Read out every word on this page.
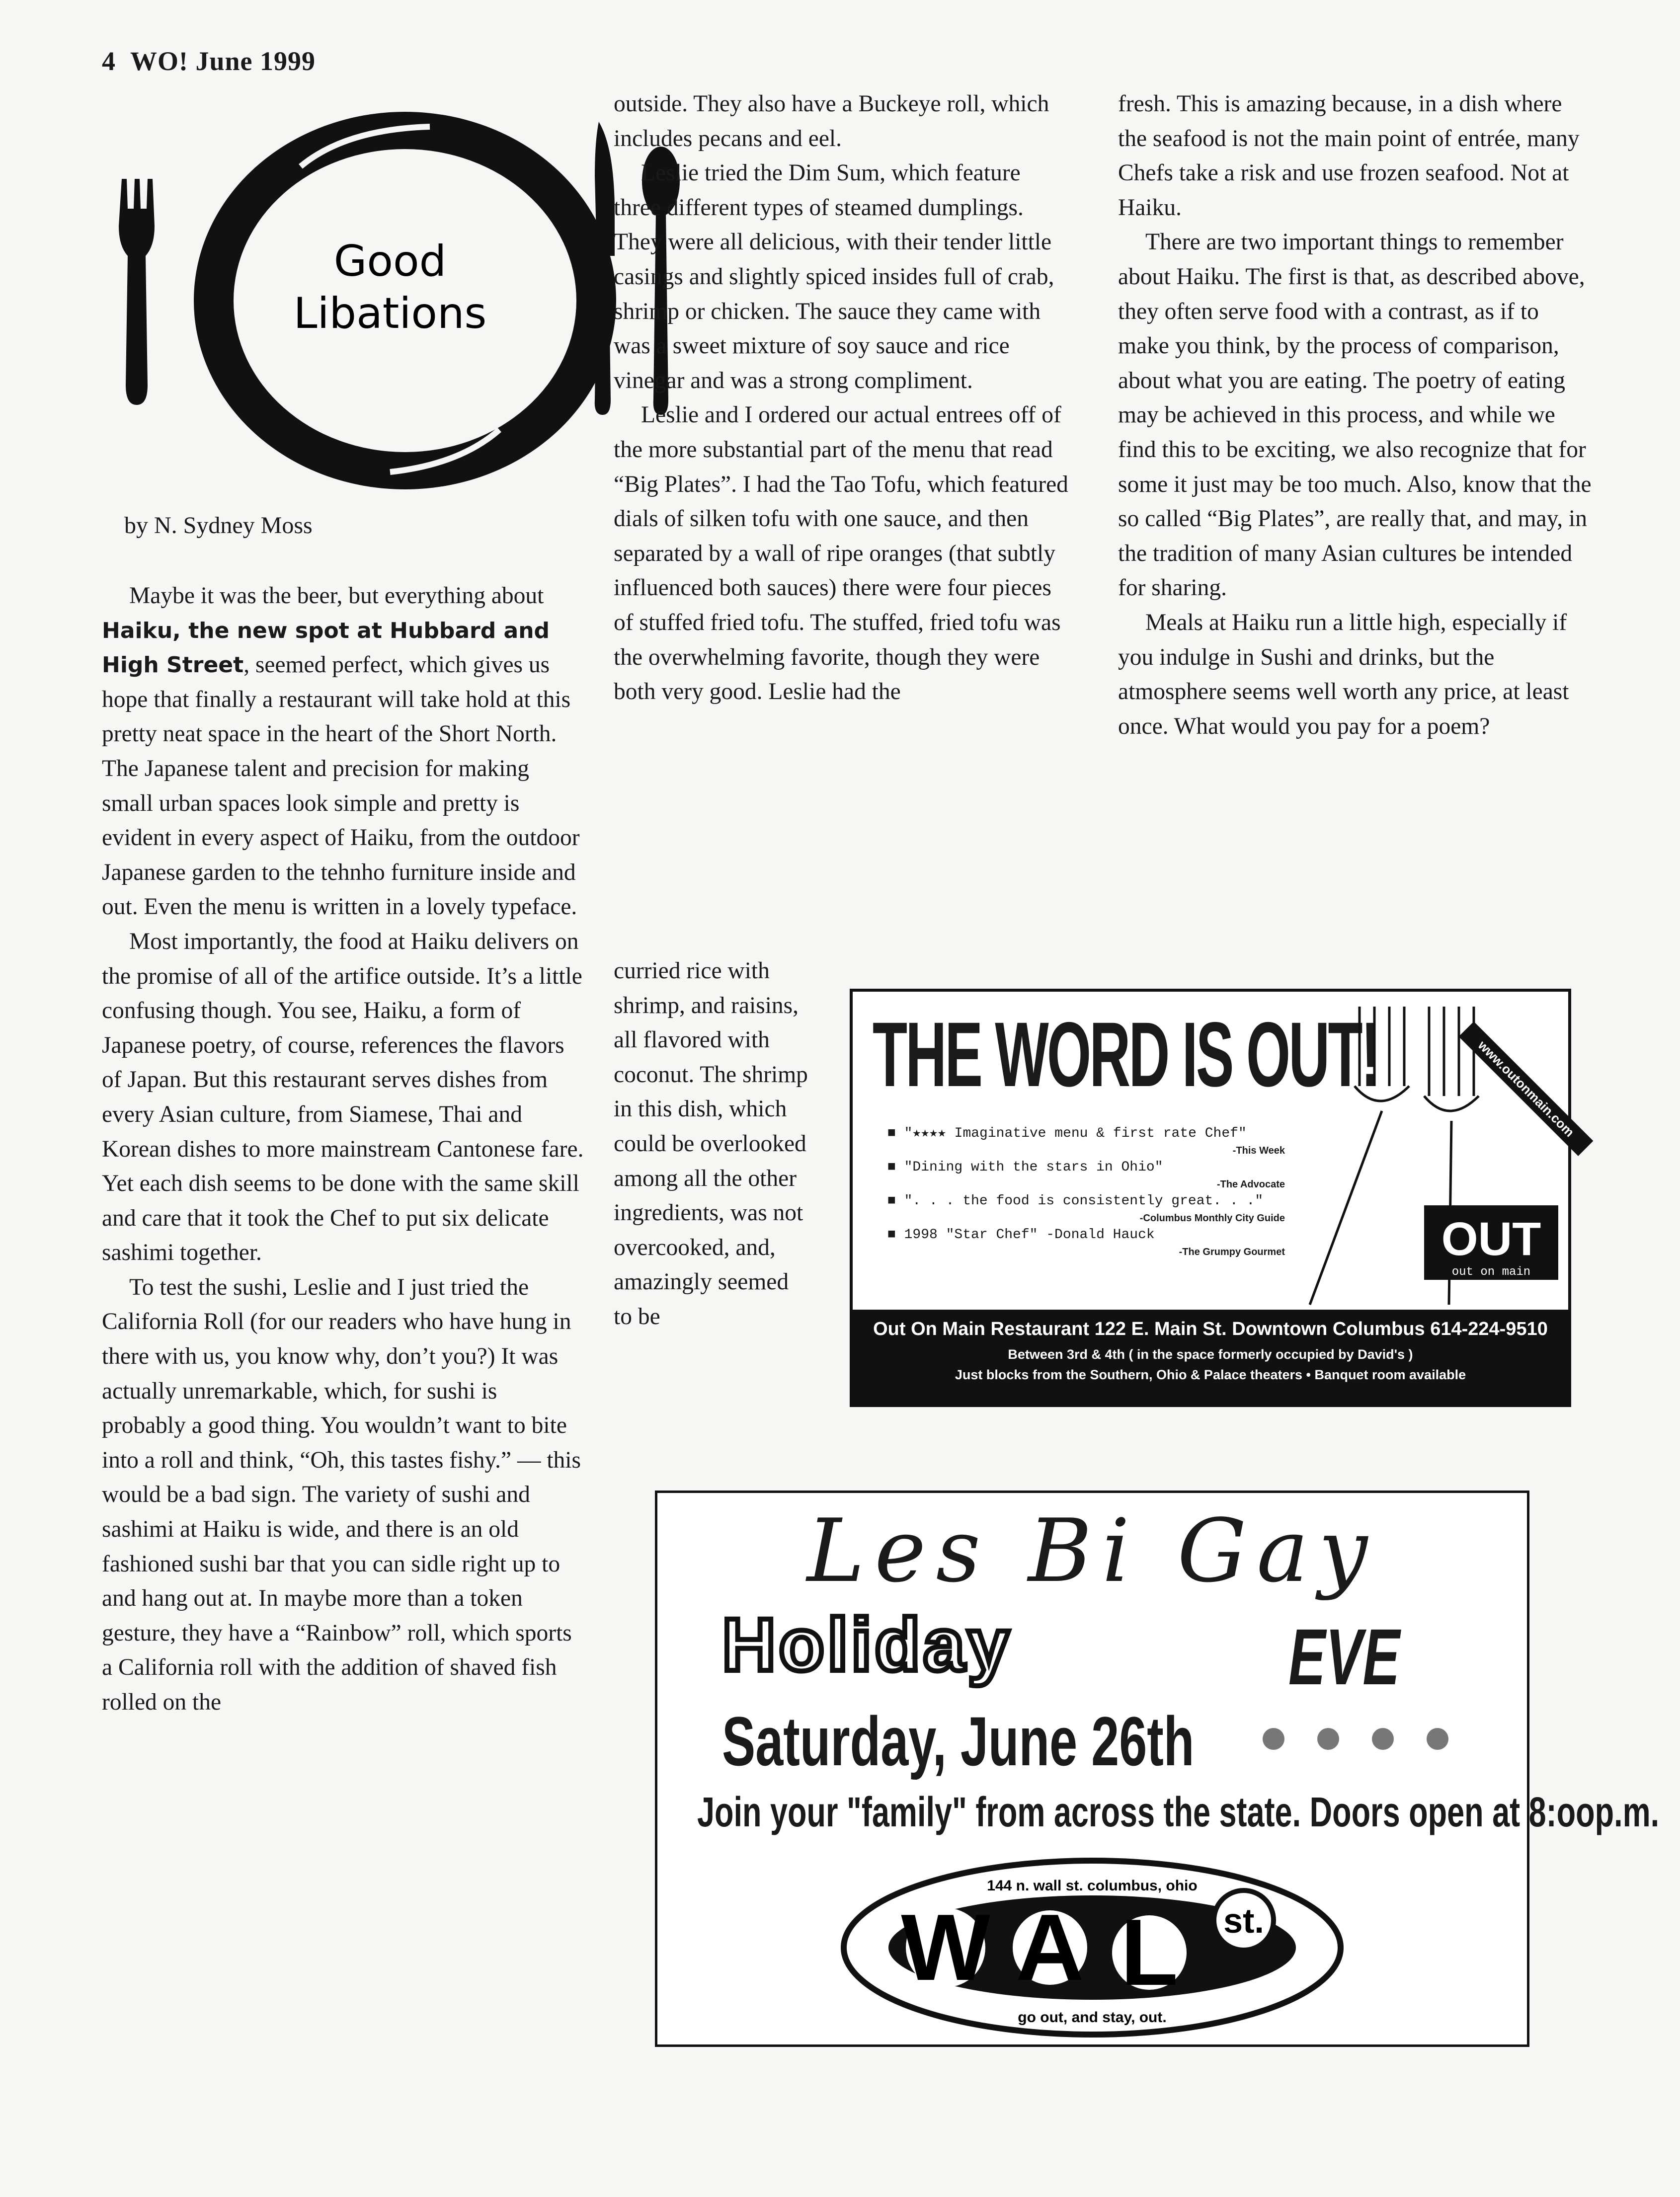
4 WO! June 1999
Good
Libations
by N. Sydney Moss

Maybe it was the beer, but everything about Haiku, the new spot at Hubbard and High Street, seemed perfect, which gives us hope that finally a restaurant will take hold at this pretty neat space in the heart of the Short North. The Japanese talent and precision for making small urban spaces look simple and pretty is evident in every aspect of Haiku, from the outdoor Japanese garden to the tehnho furniture inside and out. Even the menu is written in a lovely typeface.

Most importantly, the food at Haiku delivers on the promise of all of the artifice outside. It’s a little confusing though. You see, Haiku, a form of Japanese poetry, of course, references the flavors of Japan. But this restaurant serves dishes from every Asian culture, from Siamese, Thai and Korean dishes to more mainstream Cantonese fare. Yet each dish seems to be done with the same skill and care that it took the Chef to put six delicate sashimi together.

To test the sushi, Leslie and I just tried the California Roll (for our readers who have hung in there with us, you know why, don’t you?) It was actually unremarkable, which, for sushi is probably a good thing. You wouldn’t want to bite into a roll and think, “Oh, this tastes fishy.” — this would be a bad sign. The variety of sushi and sashimi at Haiku is wide, and there is an old fashioned sushi bar that you can sidle right up to and hang out at. In maybe more than a token gesture, they have a “Rainbow” roll, which sports a California roll with the addition of shaved fish rolled on the

outside. They also have a Buckeye roll, which includes pecans and eel.

Leslie tried the Dim Sum, which feature three different types of steamed dumplings. They were all delicious, with their tender little casings and slightly spiced insides full of crab, shrimp or chicken. The sauce they came with was a sweet mixture of soy sauce and rice vinegar and was a strong compliment.

Leslie and I ordered our actual entrees off of the more substantial part of the menu that read “Big Plates”. I had the Tao Tofu, which featured dials of silken tofu with one sauce, and then separated by a wall of ripe oranges (that subtly influenced both sauces) there were four pieces of stuffed fried tofu. The stuffed, fried tofu was the overwhelming favorite, though they were both very good. Leslie had the

curried rice with shrimp, and raisins, all flavored with coconut. The shrimp in this dish, which could be overlooked among all the other ingredients, was not overcooked, and, amazingly seemed to be

fresh. This is amazing because, in a dish where the seafood is not the main point of entrée, many Chefs take a risk and use frozen seafood. Not at Haiku.

There are two important things to remember about Haiku. The first is that, as described above, they often serve food with a contrast, as if to make you think, by the process of comparison, about what you are eating. The poetry of eating may be achieved in this process, and while we find this to be exciting, we also recognize that for some it just may be too much. Also, know that the so called “Big Plates”, are really that, and may, in the tradition of many Asian cultures be intended for sharing.

Meals at Haiku run a little high, especially if you indulge in Sushi and drinks, but the atmosphere seems well worth any price, at least once. What would you pay for a poem?

THE WORD IS OUT!	www.outonmain.com
■ "★★★★ Imaginative menu & first rate Chef"
-This Week
■ "Dining with the stars in Ohio"
-The Advocate
■ ". . . the food is consistently great. . ."
-Columbus Monthly City Guide
■ 1998 "Star Chef" -Donald Hauck
-The Grumpy Gourmet	OUT
out on main
Out On Main Restaurant 122 E. Main St. Downtown Columbus 614-224-9510
Between 3rd & 4th ( in the space formerly occupied by David's )
Just blocks from the Southern, Ohio & Palace theaters • Banquet room available
Les Bi Gay
Holiday	EVE
Saturday, June 26th
Join your "family" from across the state. Doors open at 8:oop.m.
144 n. wall st. columbus, ohio
W A L st.
go out, and stay, out.
